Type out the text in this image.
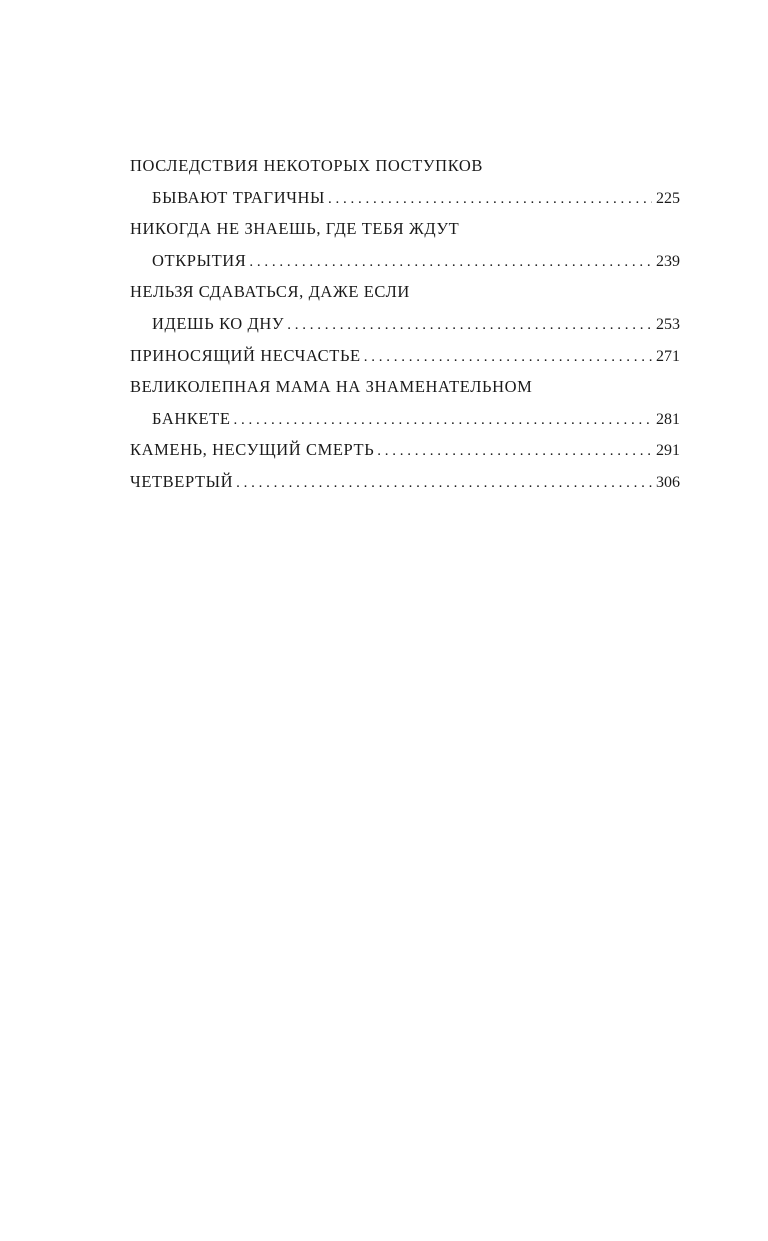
ПОСЛЕДСТВИЯ НЕКОТОРЫХ ПОСТУПКОВ
БЫВАЮТ ТРАГИЧНЫ . . .	225
НИКОГДА НЕ ЗНАЕШЬ, ГДЕ ТЕБЯ ЖДУТ
ОТКРЫТИЯ . . .	239
НЕЛЬЗЯ СДАВАТЬСЯ, ДАЖЕ ЕСЛИ
ИДЕШЬ КО ДНУ . . .	253
ПРИНОСЯЩИЙ НЕСЧАСТЬЕ . . .	271
ВЕЛИКОЛЕПНАЯ МАМА НА ЗНАМЕНАТЕЛЬНОМ
БАНКЕТЕ . . .	281
КАМЕНЬ, НЕСУЩИЙ СМЕРТЬ . . .	291
ЧЕТВЕРТЫЙ . . .	306
